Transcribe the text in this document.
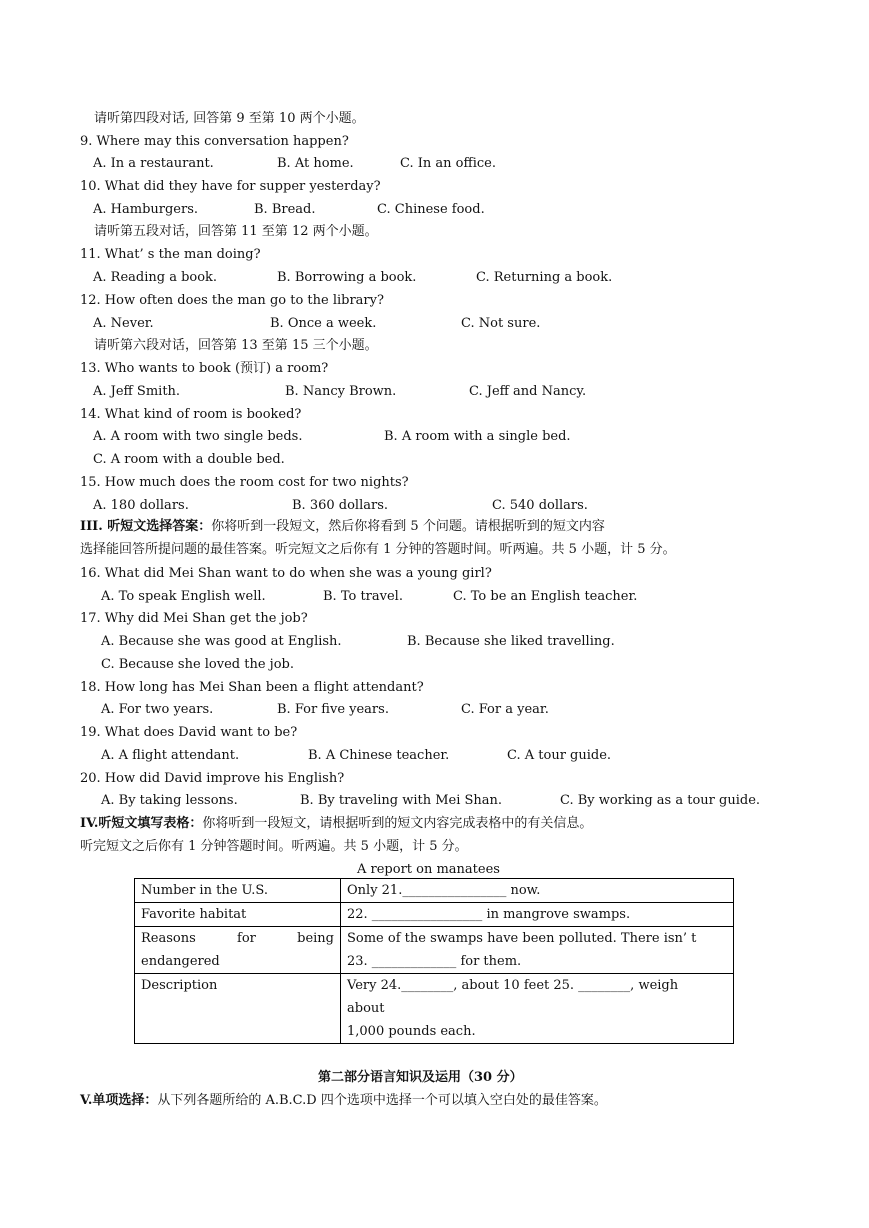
请听第四段对话, 回答第 9 至第 10 两个小题。
9. Where may this conversation happen?
A. In a restaurant.	B. At home.	C. In an office.
10. What did they have for supper yesterday?
A. Hamburgers.	B. Bread.	C. Chinese food.
请听第五段对话，回答第 11 至第 12 两个小题。
11. What’ s the man doing?
A. Reading a book.	B. Borrowing a book.	C. Returning a book.
12. How often does the man go to the library?
A. Never.	B. Once a week.	C. Not sure.
请听第六段对话，回答第 13 至第 15 三个小题。
13. Who wants to book (预订) a room?
A. Jeff Smith.	B. Nancy Brown.	C. Jeff and Nancy.
14. What kind of room is booked?
A. A room with two single beds.	B. A room with a single bed.
C. A room with a double bed.
15. How much does the room cost for two nights?
A. 180 dollars.	B. 360 dollars.	C. 540 dollars.
III. 听短文选择答案：你将听到一段短文，然后你将看到 5 个问题。请根据听到的短文内容
选择能回答所提问题的最佳答案。听完短文之后你有 1 分钟的答题时间。听两遍。共 5 小题，计 5 分。
16. What did Mei Shan want to do when she was a young girl?
A. To speak English well.	B. To travel.	C. To be an English teacher.
17. Why did Mei Shan get the job?
A. Because she was good at English.	B. Because she liked travelling.
C. Because she loved the job.
18. How long has Mei Shan been a flight attendant?
A. For two years.	B. For five years.	C. For a year.
19. What does David want to be?
A. A flight attendant.	B. A Chinese teacher.	C. A tour guide.
20. How did David improve his English?
A. By taking lessons.	B. By traveling with Mei Shan.	C. By working as a tour guide.
IV.听短文填写表格：你将听到一段短文，请根据听到的短文内容完成表格中的有关信息。
听完短文之后你有 1 分钟答题时间。听两遍。共 5 小题，计 5 分。
A report on manatees
Number in the U.S.	Only 21.________________ now.
Favorite habitat	22. _________________ in mangrove swamps.
Reasons for being endangered	Some of the swamps have been polluted. There isn’ t
23. _____________ for them.

Description	Very 24.________, about 10 feet 25. ________, weigh
about
1,000 pounds each.
第二部分语言知识及运用（30 分）
V.单项选择：从下列各题所给的 A.B.C.D 四个选项中选择一个可以填入空白处的最佳答案。
